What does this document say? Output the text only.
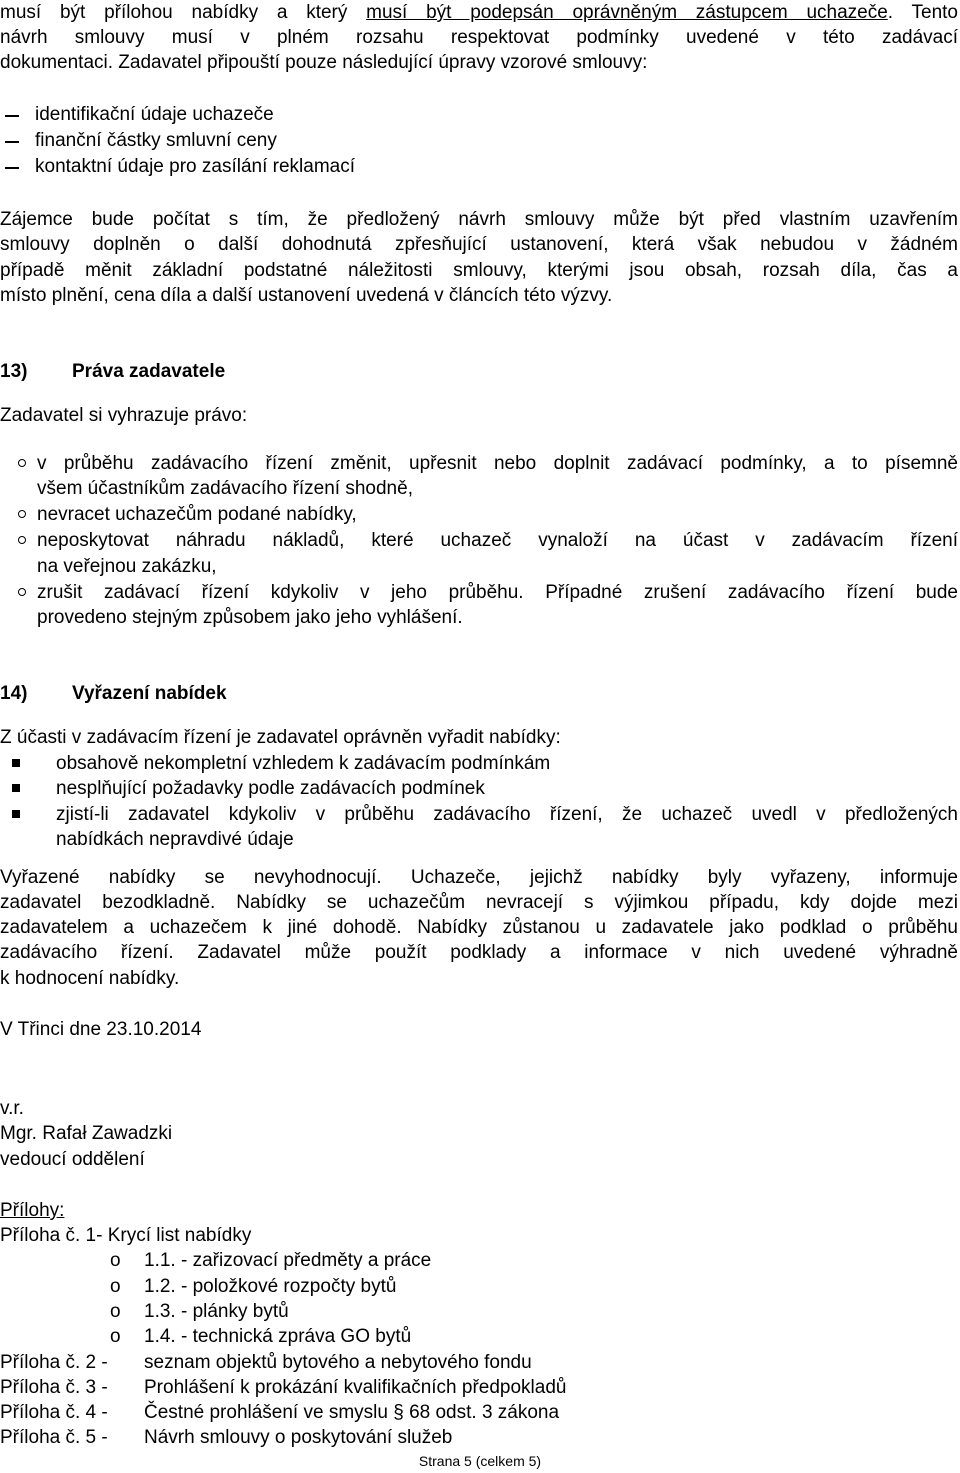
musí být přílohou nabídky a který musí být podepsán oprávněným zástupcem uchazeče. Tento
návrh smlouvy musí v plném rozsahu respektovat podmínky uvedené v této zadávací
dokumentaci. Zadavatel připouští pouze následující úpravy vzorové smlouvy:
identifikační údaje uchazeče
finanční částky smluvní ceny
kontaktní údaje pro zasílání reklamací
Zájemce bude počítat s tím, že předložený návrh smlouvy může být před vlastním uzavřením
smlouvy doplněn o další dohodnutá zpřesňující ustanovení, která však nebudou v žádném
případě měnit základní podstatné náležitosti smlouvy, kterými jsou obsah, rozsah díla, čas a
místo plnění, cena díla a další ustanovení uvedená v článcích této výzvy.
13) Práva zadavatele
Zadavatel si vyhrazuje právo:
v průběhu zadávacího řízení změnit, upřesnit nebo doplnit zadávací podmínky, a to písemně
všem účastníkům zadávacího řízení shodně,
nevracet uchazečům podané nabídky,
neposkytovat náhradu nákladů, které uchazeč vynaloží na účast v zadávacím řízení
na veřejnou zakázku,
zrušit zadávací řízení kdykoliv v jeho průběhu. Případné zrušení zadávacího řízení bude
provedeno stejným způsobem jako jeho vyhlášení.
14) Vyřazení nabídek
Z účasti v zadávacím řízení je zadavatel oprávněn vyřadit nabídky:
obsahově nekompletní vzhledem k zadávacím podmínkám
nesplňující požadavky podle zadávacích podmínek
zjistí-li zadavatel kdykoliv v průběhu zadávacího řízení, že uchazeč uvedl v předložených
nabídkách nepravdivé údaje
Vyřazené nabídky se nevyhodnocují. Uchazeče, jejichž nabídky byly vyřazeny, informuje
zadavatel bezodkladně. Nabídky se uchazečům nevracejí s výjimkou případu, kdy dojde mezi
zadavatelem a uchazečem k jiné dohodě. Nabídky zůstanou u zadavatele jako podklad o průběhu
zadávacího řízení. Zadavatel může použít podklady a informace v nich uvedené výhradně
k hodnocení nabídky.
V Třinci dne 23.10.2014
v.r.
Mgr. Rafał Zawadzki
vedoucí oddělení
Přílohy:
Příloha č. 1- Krycí list nabídky
o 1.1. - zařizovací předměty a práce
o 1.2. - položkové rozpočty bytů
o 1.3. - plánky bytů
o 1.4. - technická zpráva GO bytů
Příloha č. 2 - seznam objektů bytového a nebytového fondu
Příloha č. 3 - Prohlášení k prokázání kvalifikačních předpokladů
Příloha č. 4 - Čestné prohlášení ve smyslu § 68 odst. 3 zákona
Příloha č. 5 - Návrh smlouvy o poskytování služeb
Strana 5 (celkem 5)
